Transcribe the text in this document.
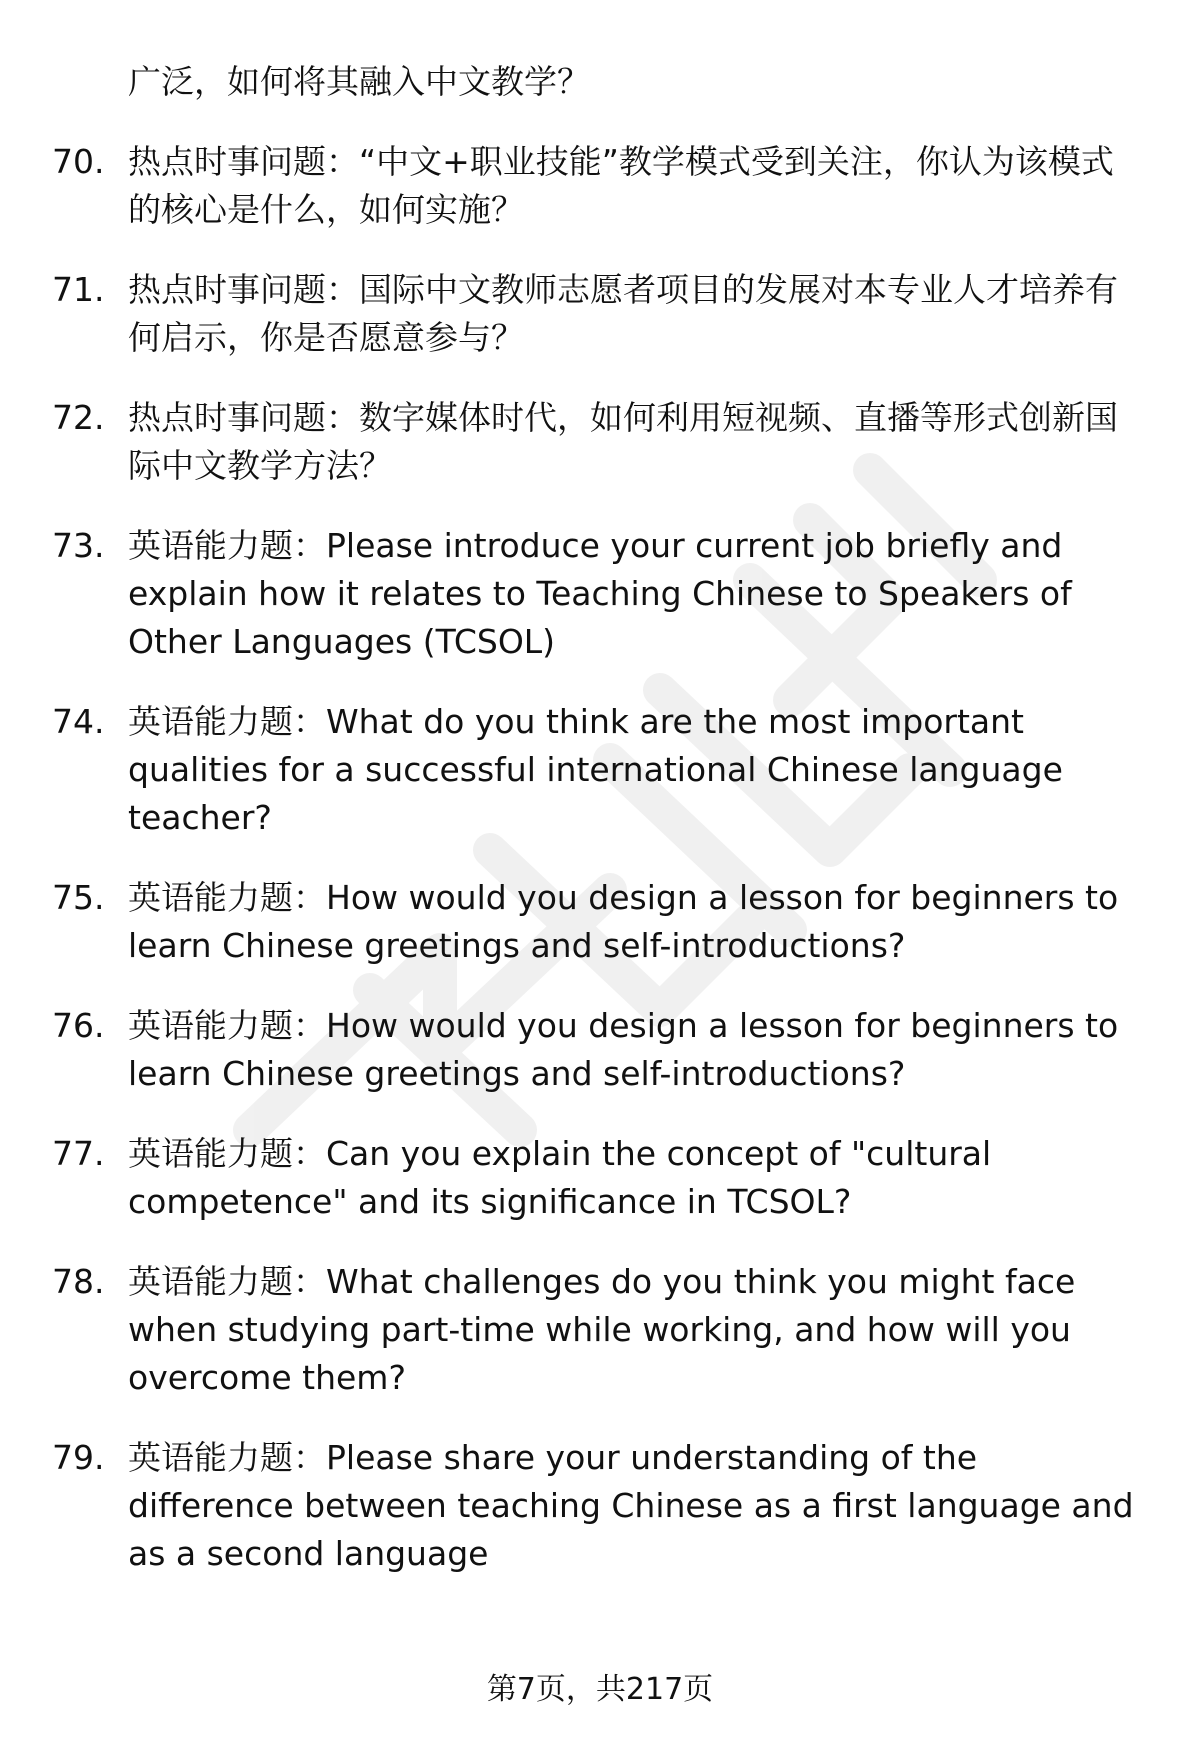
广泛，如何将其融入中文教学？
70. 热点时事问题：“中文+职业技能”教学模式受到关注，你认为该模式的核心是什么，如何实施？
71. 热点时事问题：国际中文教师志愿者项目的发展对本专业人才培养有何启示，你是否愿意参与？
72. 热点时事问题：数字媒体时代，如何利用短视频、直播等形式创新国际中文教学方法？
73. 英语能力题：Please introduce your current job briefly and explain how it relates to Teaching Chinese to Speakers of Other Languages (TCSOL)
74. 英语能力题：What do you think are the most important qualities for a successful international Chinese language teacher?
75. 英语能力题：How would you design a lesson for beginners to learn Chinese greetings and self-introductions?
76. 英语能力题：How would you design a lesson for beginners to learn Chinese greetings and self-introductions?
77. 英语能力题：Can you explain the concept of "cultural competence" and its significance in TCSOL?
78. 英语能力题：What challenges do you think you might face when studying part-time while working, and how will you overcome them?
79. 英语能力题：Please share your understanding of the difference between teaching Chinese as a first language and as a second language
第7页，共217页
